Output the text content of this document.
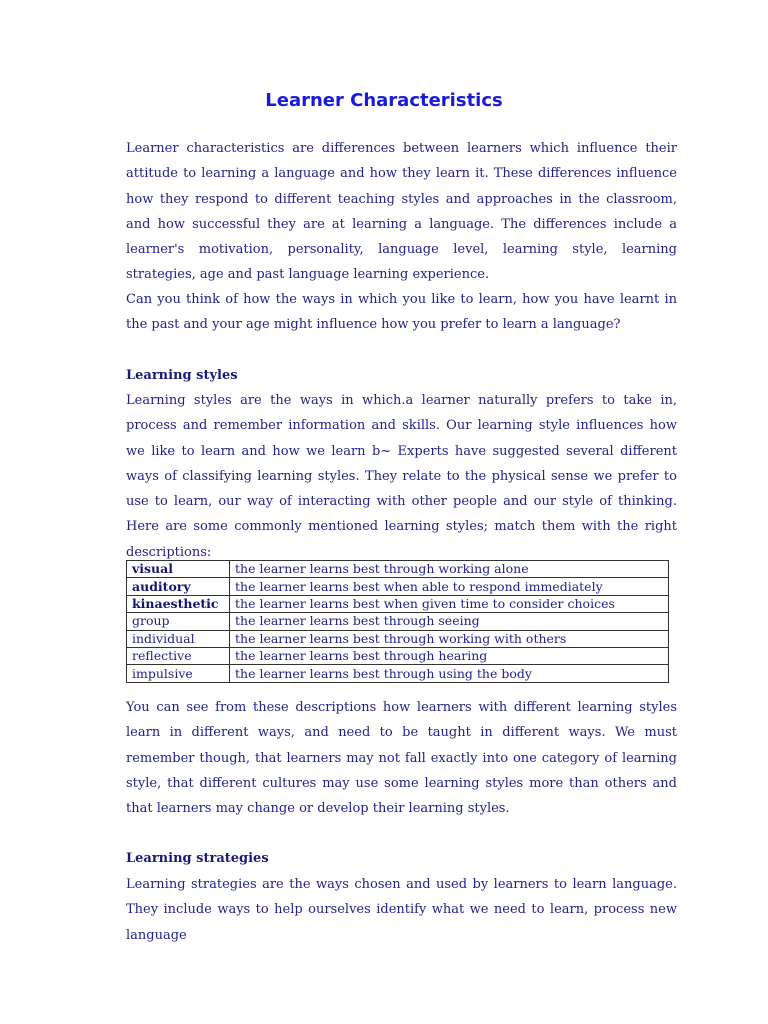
Learner Characteristics

Learner characteristics are differences between learners which influence their attitude to learning a language and how they learn it. These differences influence how they respond to different teaching styles and approaches in the classroom, and how successful they are at learning a language. The differences include a learner's motivation, personality, language level, learning style, learning strategies, age and past language learning experience.

Can you think of how the ways in which you like to learn, how you have learnt in the past and your age might influence how you prefer to learn a language?

Learning styles

Learning styles are the ways in which.a learner naturally prefers to take in, process and remember information and skills. Our learning style influences how we like to learn and how we learn b~ Experts have suggested several different ways of classifying learning styles. They relate to the physical sense we prefer to use to learn, our way of interacting with other people and our style of thinking. Here are some commonly mentioned learning styles; match them with the right descriptions:

visual	the learner learns best through working alone
auditory	the learner learns best when able to respond immediately
kinaesthetic	the learner learns best when given time to consider choices
group	the learner learns best through seeing
individual	the learner learns best through working with others
reflective	the learner learns best through hearing
impulsive	the learner learns best through using the body

You can see from these descriptions how learners with different learning styles learn in different ways, and need to be taught in different ways. We must remember though, that learners may not fall exactly into one category of learning style, that different cultures may use some learning styles more than others and that learners may change or develop their learning styles.

Learning strategies

Learning strategies are the ways chosen and used by learners to learn language. They include ways to help ourselves identify what we need to learn, process new language
